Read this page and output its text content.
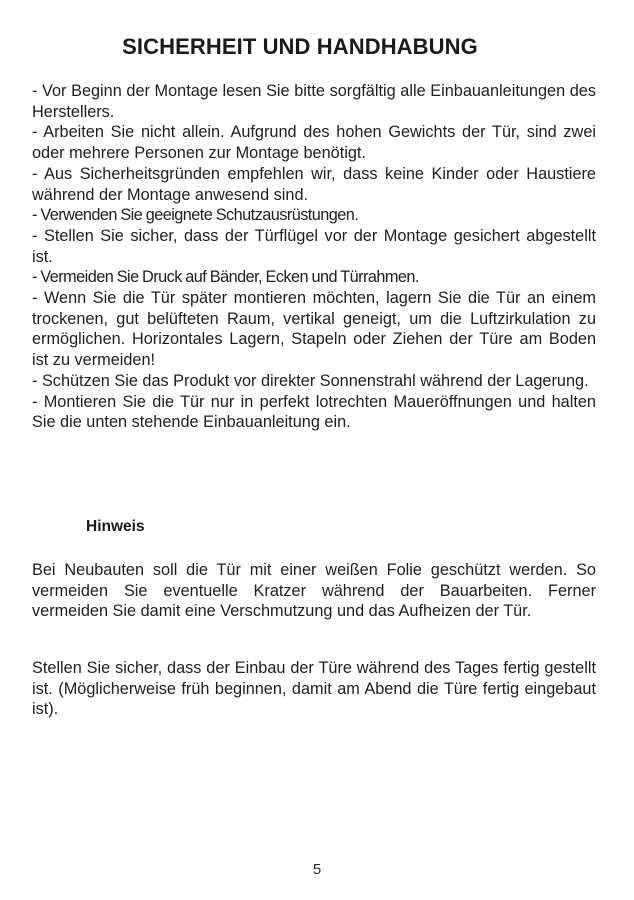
SICHERHEIT UND HANDHABUNG

- Vor Beginn der Montage lesen Sie bitte sorgfältig alle Einbauanleitungen des Herstellers.

- Arbeiten Sie nicht allein. Aufgrund des hohen Gewichts der Tür, sind zwei oder mehrere Personen zur Montage benötigt.

- Aus Sicherheitsgründen empfehlen wir, dass keine Kinder oder Haustiere während der Montage anwesend sind.

- Verwenden Sie geeignete Schutzausrüstungen.

- Stellen Sie sicher, dass der Türflügel vor der Montage gesichert abgestellt ist.

- Vermeiden Sie Druck auf Bänder, Ecken und Türrahmen.

- Wenn Sie die Tür später montieren möchten, lagern Sie die Tür an einem trockenen, gut belüfteten Raum, vertikal geneigt, um die Luftzirkulation zu ermöglichen. Horizontales Lagern, Stapeln oder Ziehen der Türe am Boden ist zu vermeiden!

- Schützen Sie das Produkt vor direkter Sonnenstrahl während der Lagerung.

- Montieren Sie die Tür nur in perfekt lotrechten Maueröffnungen und halten Sie die unten stehende Einbauanleitung ein.

Hinweis

Bei Neubauten soll die Tür mit einer weißen Folie geschützt werden. So vermeiden Sie eventuelle Kratzer während der Bauarbeiten. Ferner vermeiden Sie damit eine Verschmutzung und das Aufheizen der Tür.

Stellen Sie sicher, dass der Einbau der Türe während des Tages fertig gestellt ist. (Möglicherweise früh beginnen, damit am Abend die Türe fertig eingebaut ist).

5
